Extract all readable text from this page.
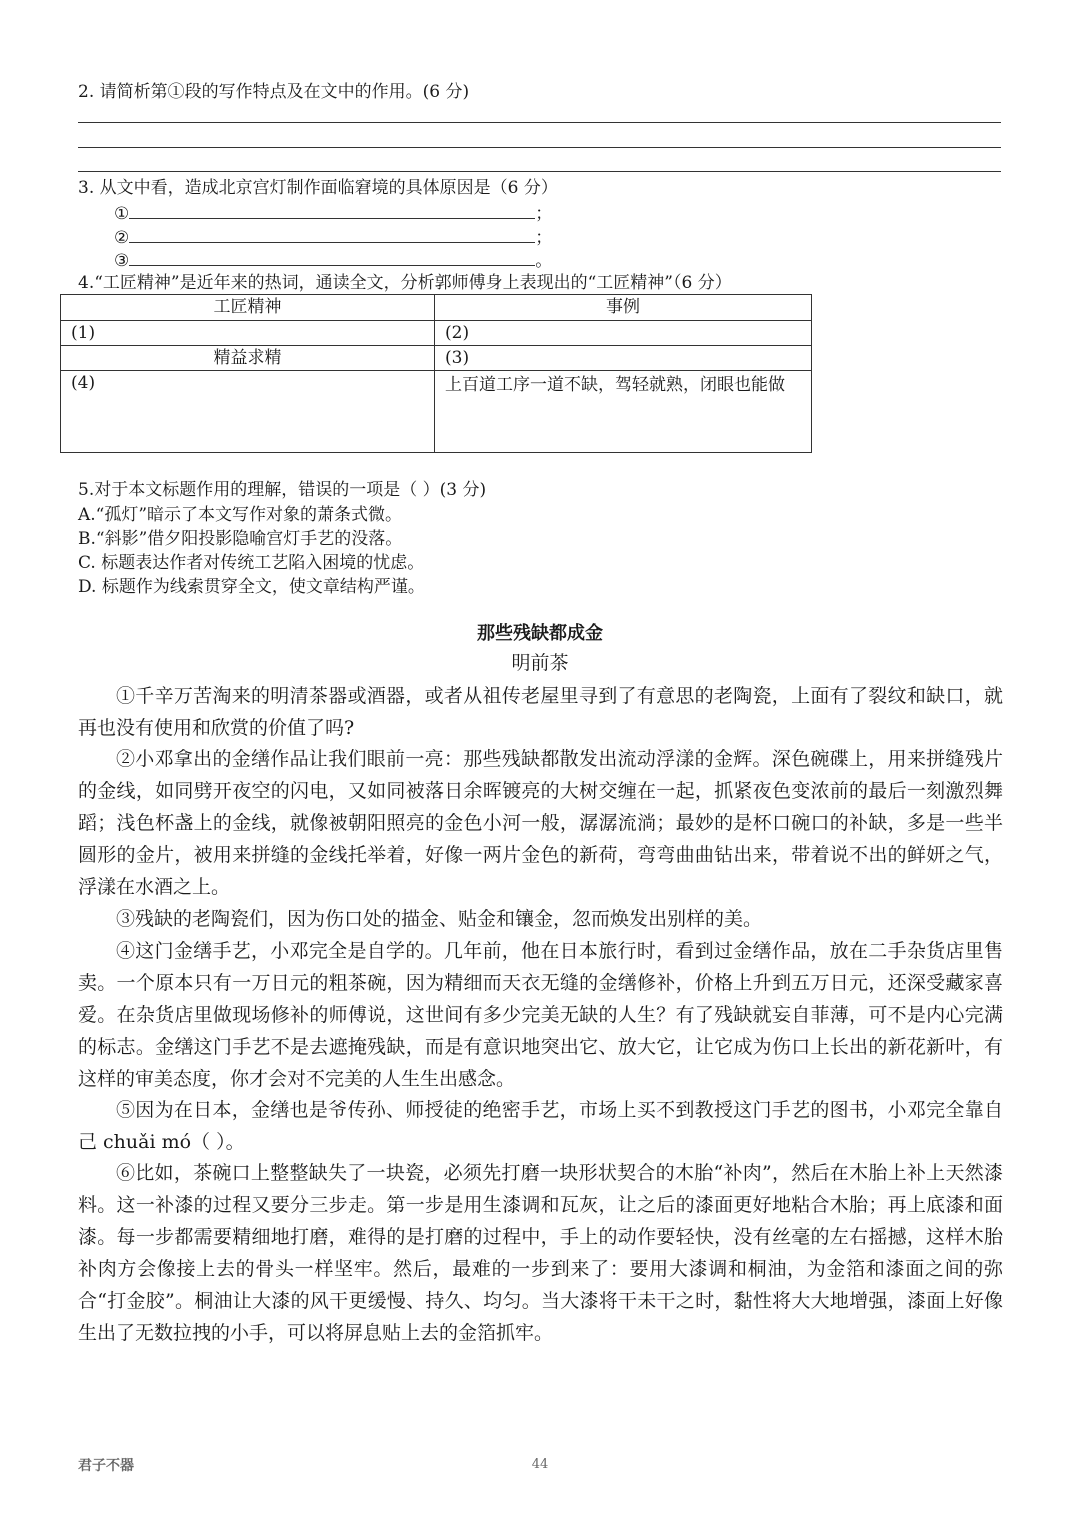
2. 请简析第①段的写作特点及在文中的作用。(6 分)
3. 从文中看，造成北京宫灯制作面临窘境的具体原因是（6 分）
①	；
②	；
③	。
4.“工匠精神”是近年来的热词，通读全文，分析郭师傅身上表现出的“工匠精神”（6 分）
工匠精神	事例
(1)	(2)
精益求精	(3)
(4)	上百道工序一道不缺，驾轻就熟，闭眼也能做
5.对于本文标题作用的理解，错误的一项是（ ）(3 分)
A.“孤灯”暗示了本文写作对象的萧条式微。
B.“斜影”借夕阳投影隐喻宫灯手艺的没落。
C. 标题表达作者对传统工艺陷入困境的忧虑。
D. 标题作为线索贯穿全文，使文章结构严谨。
那些残缺都成金
明前茶

①千辛万苦淘来的明清茶器或酒器，或者从祖传老屋里寻到了有意思的老陶瓷，上面有了裂纹和缺口，就再也没有使用和欣赏的价值了吗?

②小邓拿出的金缮作品让我们眼前一亮：那些残缺都散发出流动浮漾的金辉。深色碗碟上，用来拼缝残片的金线，如同劈开夜空的闪电，又如同被落日余晖镀亮的大树交缠在一起，抓紧夜色变浓前的最后一刻激烈舞蹈；浅色杯盏上的金线，就像被朝阳照亮的金色小河一般，潺潺流淌；最妙的是杯口碗口的补缺，多是一些半圆形的金片，被用来拼缝的金线托举着，好像一两片金色的新荷，弯弯曲曲钻出来，带着说不出的鲜妍之气，浮漾在水酒之上。

③残缺的老陶瓷们，因为伤口处的描金、贴金和镶金，忽而焕发出别样的美。

④这门金缮手艺，小邓完全是自学的。几年前，他在日本旅行时，看到过金缮作品，放在二手杂货店里售卖。一个原本只有一万日元的粗茶碗，因为精细而天衣无缝的金缮修补，价格上升到五万日元，还深受藏家喜爱。在杂货店里做现场修补的师傅说，这世间有多少完美无缺的人生？有了残缺就妄自菲薄，可不是内心完满的标志。金缮这门手艺不是去遮掩残缺，而是有意识地突出它、放大它，让它成为伤口上长出的新花新叶，有这样的审美态度，你才会对不完美的人生生出感念。

⑤因为在日本，金缮也是爷传孙、师授徒的绝密手艺，市场上买不到教授这门手艺的图书，小邓完全靠自己 chuǎi mó（ ）。

⑥比如，茶碗口上整整缺失了一块瓷，必须先打磨一块形状契合的木胎“补肉”，然后在木胎上补上天然漆料。这一补漆的过程又要分三步走。第一步是用生漆调和瓦灰，让之后的漆面更好地粘合木胎；再上底漆和面漆。每一步都需要精细地打磨，难得的是打磨的过程中，手上的动作要轻快，没有丝毫的左右摇撼，这样木胎补肉方会像接上去的骨头一样坚牢。然后，最难的一步到来了：要用大漆调和桐油，为金箔和漆面之间的弥合“打金胶”。桐油让大漆的风干更缓慢、持久、均匀。当大漆将干未干之时，黏性将大大地增强，漆面上好像生出了无数拉拽的小手，可以将屏息贴上去的金箔抓牢。

君子不器	44
